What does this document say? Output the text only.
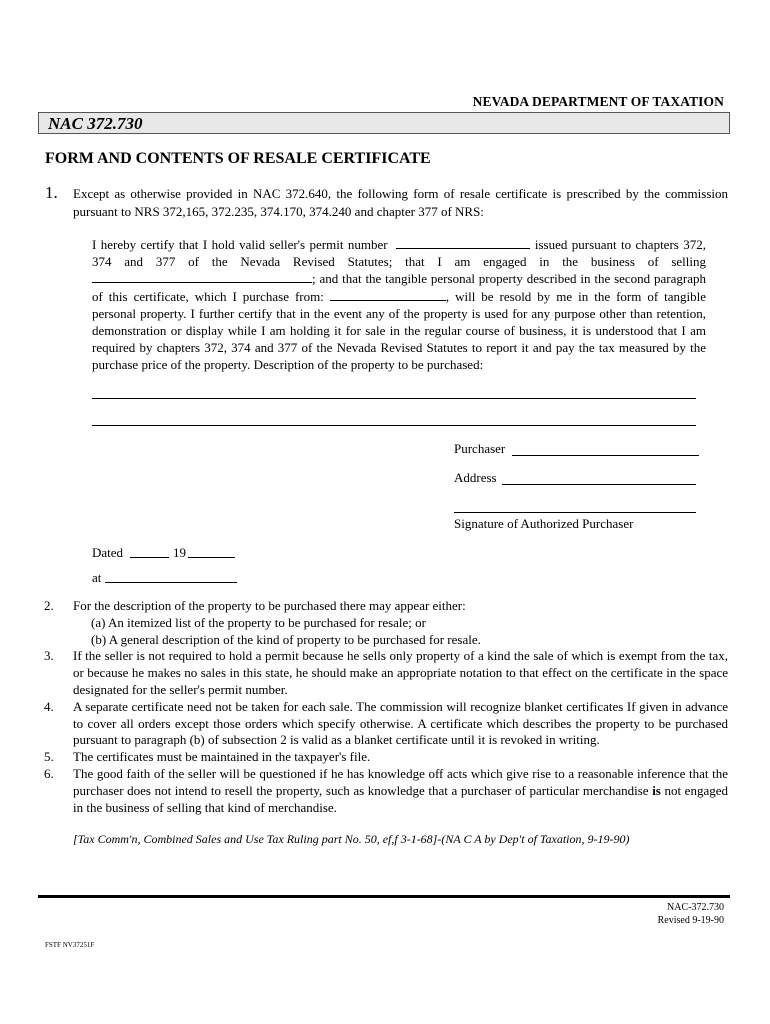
NEVADA DEPARTMENT OF TAXATION
NAC 372.730
FORM AND CONTENTS OF RESALE CERTIFICATE
1. Except as otherwise provided in NAC 372.640, the following form of resale certificate is prescribed by the commission pursuant to NRS 372,165, 372.235, 374.170, 374.240 and chapter 377 of NRS:
I hereby certify that I hold valid seller's permit number	issued pursuant to chapters 372, 374 and 377 of the Nevada Revised Statutes; that I am engaged in the business of selling ; and that the tangible personal property described in the second paragraph of this certificate, which I purchase from:	, will be resold by me in the form of tangible personal property. I further certify that in the event any of the property is used for any purpose other than retention, demonstration or display while I am holding it for sale in the regular course of business, it is understood that I am required by chapters 372, 374 and 377 of the Nevada Revised Statutes to report it and pay the tax measured by the purchase price of the property. Description of the property to be purchased:
Purchaser
Address
Signature of Authorized Purchaser
Dated	19
at
2. For the description of the property to be purchased there may appear either:
(a) An itemized list of the property to be purchased for resale; or
(b) A general description of the kind of property to be purchased for resale.
3. If the seller is not required to hold a permit because he sells only property of a kind the sale of which is exempt from the tax, or because he makes no sales in this state, he should make an appropriate notation to that effect on the certificate in the space designated for the seller's permit number.
4. A separate certificate need not be taken for each sale. The commission will recognize blanket certificates If given in advance to cover all orders except those orders which specify otherwise. A certificate which describes the property to be purchased pursuant to paragraph (b) of subsection 2 is valid as a blanket certificate until it is revoked in writing.
5. The certificates must be maintained in the taxpayer's file.
6. The good faith of the seller will be questioned if he has knowledge off acts which give rise to a reasonable inference that the purchaser does not intend to resell the property, such as knowledge that a purchaser of particular merchandise is not engaged in the business of selling that kind of merchandise.
[Tax Comm'n, Combined Sales and Use Tax Ruling part No. 50, ef,f 3-1-68]-(NA C A by Dep't of Taxation, 9-19-90)
NAC-372.730
Revised 9-19-90
FSTF NV37251F
